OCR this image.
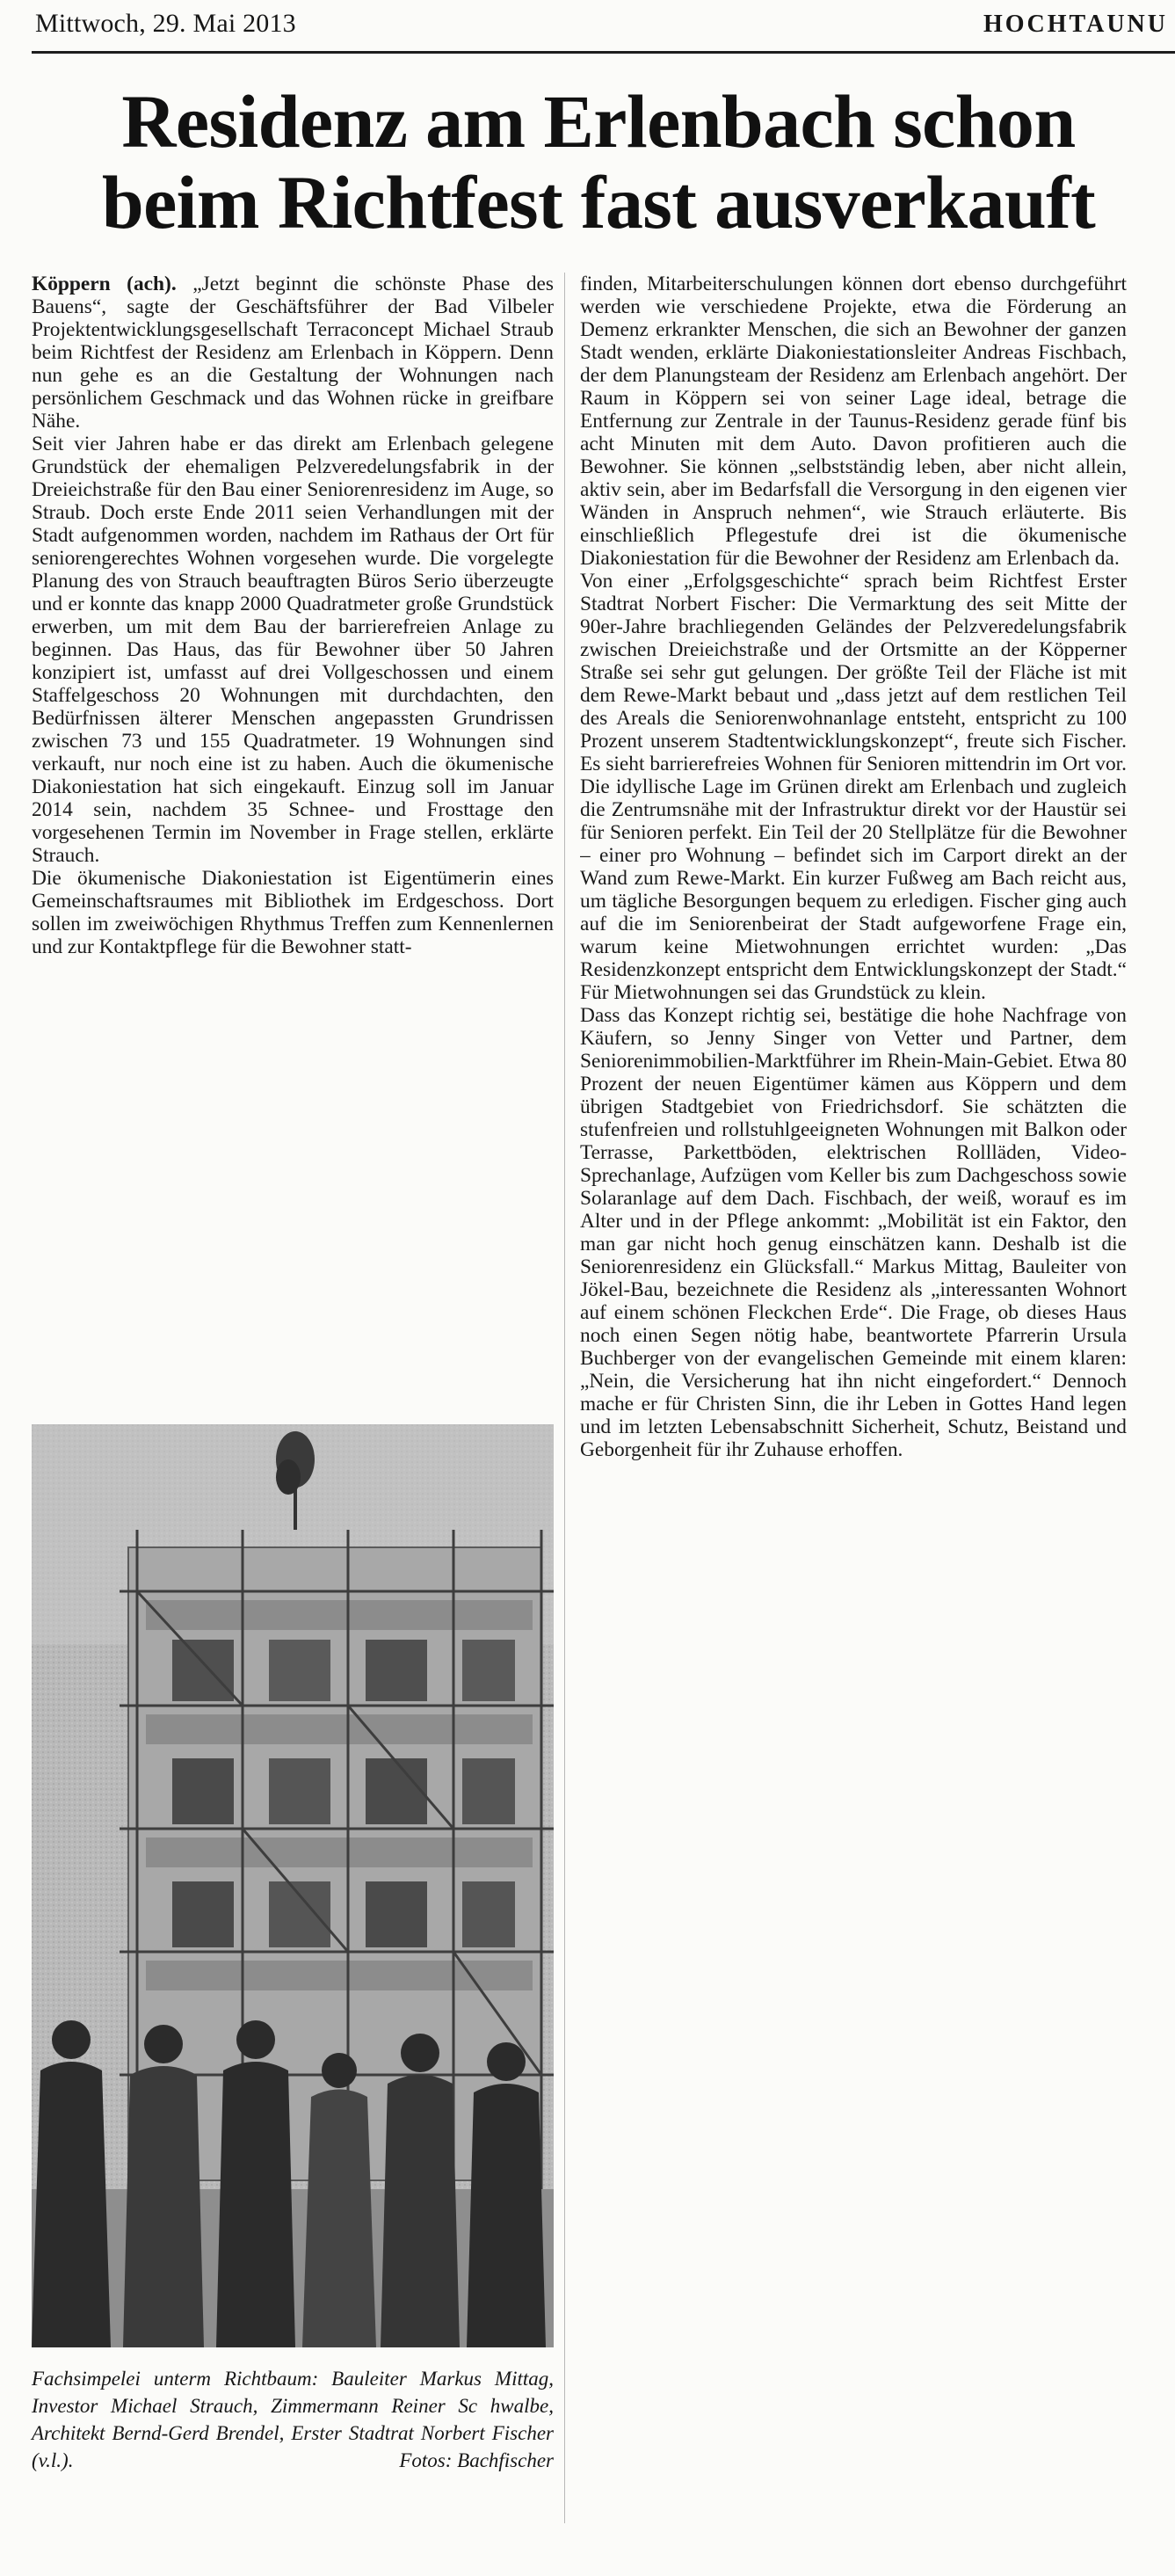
Mittwoch, 29. Mai 2013	HOCHTAUNU
Residenz am Erlenbach schon
beim Richtfest fast ausverkauft

Köppern (ach). „Jetzt beginnt die schönste Phase des Bauens“, sagte der Geschäftsführer der Bad Vilbeler Projektentwicklungsgesellschaft Terraconcept Michael Straub beim Richtfest der Residenz am Erlenbach in Köppern. Denn nun gehe es an die Gestaltung der Wohnungen nach persönlichem Geschmack und das Wohnen rücke in greifbare Nähe.

Seit vier Jahren habe er das direkt am Erlenbach gelegene Grundstück der ehemaligen Pelzveredelungsfabrik in der Dreieichstraße für den Bau einer Seniorenresidenz im Auge, so Straub. Doch erste Ende 2011 seien Verhandlungen mit der Stadt aufgenommen worden, nachdem im Rathaus der Ort für seniorengerechtes Wohnen vorgesehen wurde. Die vorgelegte Planung des von Strauch beauftragten Büros Serio überzeugte und er konnte das knapp 2000 Quadratmeter große Grundstück erwerben, um mit dem Bau der barrierefreien Anlage zu beginnen. Das Haus, das für Bewohner über 50 Jahren konzipiert ist, umfasst auf drei Vollgeschossen und einem Staffelgeschoss 20 Wohnungen mit durchdachten, den Bedürfnissen älterer Menschen angepassten Grundrissen zwischen 73 und 155 Quadratmeter. 19 Wohnungen sind verkauft, nur noch eine ist zu haben. Auch die ökumenische Diakoniestation hat sich eingekauft. Einzug soll im Januar 2014 sein, nachdem 35 Schnee- und Frosttage den vorgesehenen Termin im November in Frage stellen, erklärte Strauch.

Die ökumenische Diakoniestation ist Eigentümerin eines Gemeinschaftsraumes mit Bibliothek im Erdgeschoss. Dort sollen im zweiwöchigen Rhythmus Treffen zum Kennenlernen und zur Kontaktpflege für die Bewohner statt-

Fachsimpelei unterm Richtbaum: Bauleiter Markus Mittag, Investor Michael Strauch, Zimmermann Reiner Sc hwalbe, Architekt Bernd-Gerd Brendel, Erster Stadtrat Norbert Fischer (v.l.).	Fotos: Bachfischer

finden, Mitarbeiterschulungen können dort ebenso durchgeführt werden wie verschiedene Projekte, etwa die Förderung an Demenz erkrankter Menschen, die sich an Bewohner der ganzen Stadt wenden, erklärte Diakoniestationsleiter Andreas Fischbach, der dem Planungsteam der Residenz am Erlenbach angehört. Der Raum in Köppern sei von seiner Lage ideal, betrage die Entfernung zur Zentrale in der Taunus-Residenz gerade fünf bis acht Minuten mit dem Auto. Davon profitieren auch die Bewohner. Sie können „selbstständig leben, aber nicht allein, aktiv sein, aber im Bedarfsfall die Versorgung in den eigenen vier Wänden in Anspruch nehmen“, wie Strauch erläuterte. Bis einschließlich Pflegestufe drei ist die ökumenische Diakoniestation für die Bewohner der Residenz am Erlenbach da.

Von einer „Erfolgsgeschichte“ sprach beim Richtfest Erster Stadtrat Norbert Fischer: Die Vermarktung des seit Mitte der 90er-Jahre brachliegenden Geländes der Pelzveredelungsfabrik zwischen Dreieichstraße und der Ortsmitte an der Köpperner Straße sei sehr gut gelungen. Der größte Teil der Fläche ist mit dem Rewe-Markt bebaut und „dass jetzt auf dem restlichen Teil des Areals die Seniorenwohnanlage entsteht, entspricht zu 100 Prozent unserem Stadtentwicklungskonzept“, freute sich Fischer. Es sieht barrierefreies Wohnen für Senioren mittendrin im Ort vor. Die idyllische Lage im Grünen direkt am Erlenbach und zugleich die Zentrumsnähe mit der Infrastruktur direkt vor der Haustür sei für Senioren perfekt. Ein Teil der 20 Stellplätze für die Bewohner – einer pro Wohnung – befindet sich im Carport direkt an der Wand zum Rewe-Markt. Ein kurzer Fußweg am Bach reicht aus, um tägliche Besorgungen bequem zu erledigen. Fischer ging auch auf die im Seniorenbeirat der Stadt aufgeworfene Frage ein, warum keine Mietwohnungen errichtet wurden: „Das Residenzkonzept entspricht dem Entwicklungskonzept der Stadt.“ Für Mietwohnungen sei das Grundstück zu klein.

Dass das Konzept richtig sei, bestätige die hohe Nachfrage von Käufern, so Jenny Singer von Vetter und Partner, dem Seniorenimmobilien-Marktführer im Rhein-Main-Gebiet. Etwa 80 Prozent der neuen Eigentümer kämen aus Köppern und dem übrigen Stadtgebiet von Friedrichsdorf. Sie schätzten die stufenfreien und rollstuhlgeeigneten Wohnungen mit Balkon oder Terrasse, Parkettböden, elektrischen Rollläden, Video-Sprechanlage, Aufzügen vom Keller bis zum Dachgeschoss sowie Solaranlage auf dem Dach. Fischbach, der weiß, worauf es im Alter und in der Pflege ankommt: „Mobilität ist ein Faktor, den man gar nicht hoch genug einschätzen kann. Deshalb ist die Seniorenresidenz ein Glücksfall.“ Markus Mittag, Bauleiter von Jökel-Bau, bezeichnete die Residenz als „interessanten Wohnort auf einem schönen Fleckchen Erde“. Die Frage, ob dieses Haus noch einen Segen nötig habe, beantwortete Pfarrerin Ursula Buchberger von der evangelischen Gemeinde mit einem klaren: „Nein, die Versicherung hat ihn nicht eingefordert.“ Dennoch mache er für Christen Sinn, die ihr Leben in Gottes Hand legen und im letzten Lebensabschnitt Sicherheit, Schutz, Beistand und Geborgenheit für ihr Zuhause erhoffen.
